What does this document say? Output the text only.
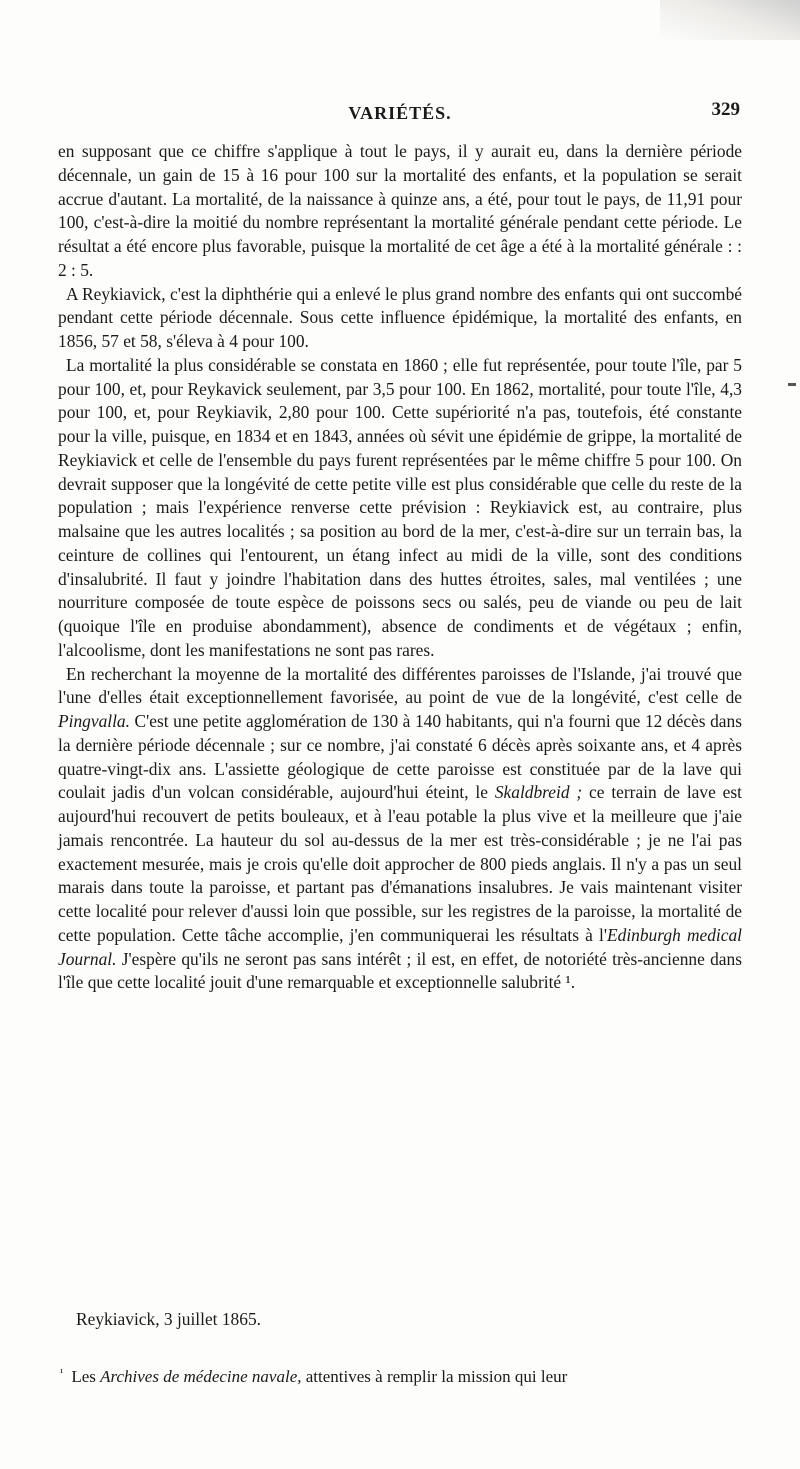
VARIÉTÉS.	329

en supposant que ce chiffre s'applique à tout le pays, il y aurait eu, dans la dernière période décennale, un gain de 15 à 16 pour 100 sur la mortalité des enfants, et la population se serait accrue d'autant. La mortalité, de la naissance à quinze ans, a été, pour tout le pays, de 11,91 pour 100, c'est-à-dire la moitié du nombre représentant la mortalité générale pendant cette période. Le résultat a été encore plus favorable, puisque la mortalité de cet âge a été à la mortalité générale : : 2 : 5.

A Reykiavick, c'est la diphthérie qui a enlevé le plus grand nombre des enfants qui ont succombé pendant cette période décennale. Sous cette influence épidémique, la mortalité des enfants, en 1856, 57 et 58, s'éleva à 4 pour 100.

La mortalité la plus considérable se constata en 1860 ; elle fut représentée, pour toute l'île, par 5 pour 100, et, pour Reykavick seulement, par 3,5 pour 100. En 1862, mortalité, pour toute l'île, 4,3 pour 100, et, pour Reykiavik, 2,80 pour 100. Cette supériorité n'a pas, toutefois, été constante pour la ville, puisque, en 1834 et en 1843, années où sévit une épidémie de grippe, la mortalité de Reykiavick et celle de l'ensemble du pays furent représentées par le même chiffre 5 pour 100. On devrait supposer que la longévité de cette petite ville est plus considérable que celle du reste de la population ; mais l'expérience renverse cette prévision : Reykiavick est, au contraire, plus malsaine que les autres localités ; sa position au bord de la mer, c'est-à-dire sur un terrain bas, la ceinture de collines qui l'entourent, un étang infect au midi de la ville, sont des conditions d'insalubrité. Il faut y joindre l'habitation dans des huttes étroites, sales, mal ventilées ; une nourriture composée de toute espèce de poissons secs ou salés, peu de viande ou peu de lait (quoique l'île en produise abondamment), absence de condiments et de végétaux ; enfin, l'alcoolisme, dont les manifestations ne sont pas rares.

En recherchant la moyenne de la mortalité des différentes paroisses de l'Islande, j'ai trouvé que l'une d'elles était exceptionnellement favorisée, au point de vue de la longévité, c'est celle de Pingvalla. C'est une petite agglomération de 130 à 140 habitants, qui n'a fourni que 12 décès dans la dernière période décennale ; sur ce nombre, j'ai constaté 6 décès après soixante ans, et 4 après quatre-vingt-dix ans. L'assiette géologique de cette paroisse est constituée par de la lave qui coulait jadis d'un volcan considérable, aujourd'hui éteint, le Skaldbreid ; ce terrain de lave est aujourd'hui recouvert de petits bouleaux, et à l'eau potable la plus vive et la meilleure que j'aie jamais rencontrée. La hauteur du sol au-dessus de la mer est très-considérable ; je ne l'ai pas exactement mesurée, mais je crois qu'elle doit approcher de 800 pieds anglais. Il n'y a pas un seul marais dans toute la paroisse, et partant pas d'émanations insalubres. Je vais maintenant visiter cette localité pour relever d'aussi loin que possible, sur les registres de la paroisse, la mortalité de cette population. Cette tâche accomplie, j'en communiquerai les résultats à l'Edinburgh medical Journal. J'espère qu'ils ne seront pas sans intérêt ; il est, en effet, de notoriété très-ancienne dans l'île que cette localité jouit d'une remarquable et exceptionnelle salubrité ¹.

Reykiavick, 3 juillet 1865.
$^{^1}$ Les Archives de médecine navale, attentives à remplir la mission qui leur
